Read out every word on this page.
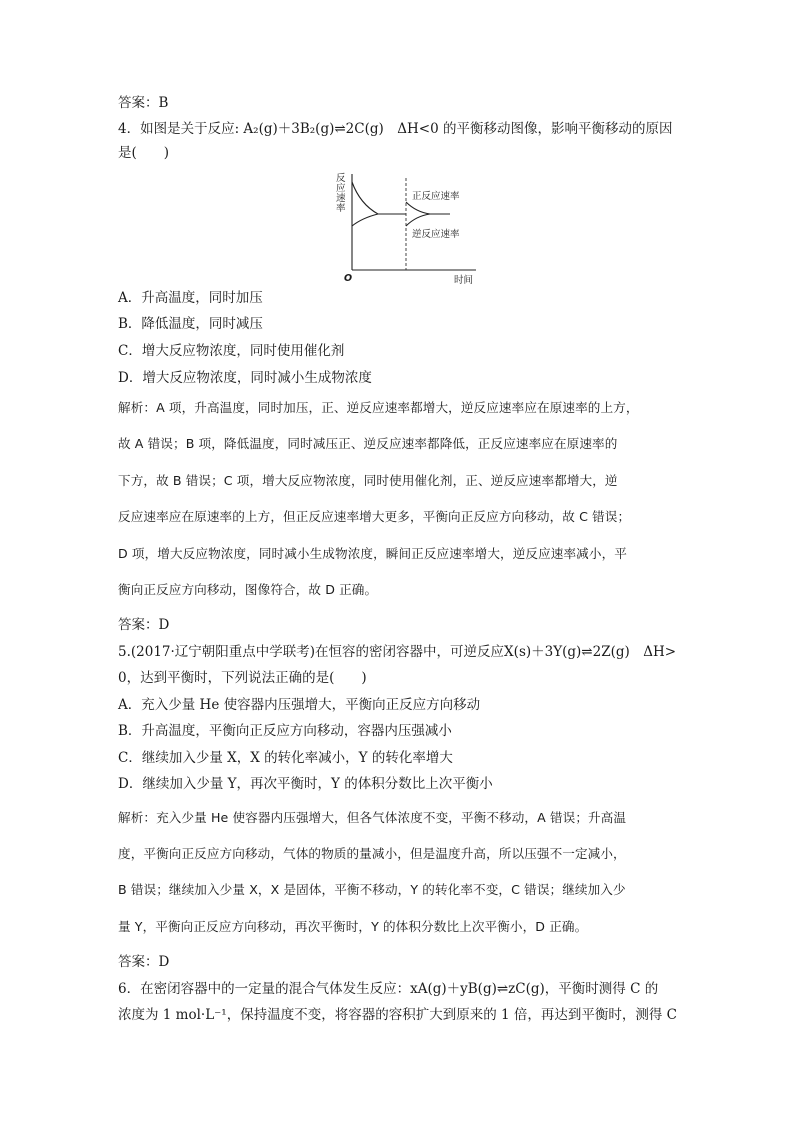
答案：B
4．如图是关于反应: A₂(g)＋3B₂(g)⇌2C(g)　ΔH<0 的平衡移动图像，影响平衡移动的原因
是(　　)
反应速率
时间
O
正反应速率
逆反应速率
A．升高温度，同时加压
B．降低温度，同时减压
C．增大反应物浓度，同时使用催化剂
D．增大反应物浓度，同时减小生成物浓度
解析：A 项，升高温度，同时加压，正、逆反应速率都增大，逆反应速率应在原速率的上方，
故 A 错误；B 项，降低温度，同时减压正、逆反应速率都降低，正反应速率应在原速率的
下方，故 B 错误；C 项，增大反应物浓度，同时使用催化剂，正、逆反应速率都增大，逆
反应速率应在原速率的上方，但正反应速率增大更多，平衡向正反应方向移动，故 C 错误；
D 项，增大反应物浓度，同时减小生成物浓度，瞬间正反应速率增大，逆反应速率减小，平
衡向正反应方向移动，图像符合，故 D 正确。
答案：D
5.(2017·辽宁朝阳重点中学联考)在恒容的密闭容器中，可逆反应X(s)＋3Y(g)⇌2Z(g)　ΔH>
0，达到平衡时，下列说法正确的是(　　)
A．充入少量 He 使容器内压强增大，平衡向正反应方向移动
B．升高温度，平衡向正反应方向移动，容器内压强减小
C．继续加入少量 X，X 的转化率减小，Y 的转化率增大
D．继续加入少量 Y，再次平衡时，Y 的体积分数比上次平衡小
解析：充入少量 He 使容器内压强增大，但各气体浓度不变，平衡不移动，A 错误；升高温
度，平衡向正反应方向移动，气体的物质的量减小，但是温度升高，所以压强不一定减小，
B 错误；继续加入少量 X，X 是固体，平衡不移动，Y 的转化率不变，C 错误；继续加入少
量 Y，平衡向正反应方向移动，再次平衡时，Y 的体积分数比上次平衡小，D 正确。
答案：D
6．在密闭容器中的一定量的混合气体发生反应：xA(g)＋yB(g)⇌zC(g)，平衡时测得 C 的
浓度为 1 mol·L⁻¹，保持温度不变，将容器的容积扩大到原来的 1 倍，再达到平衡时，测得 C
